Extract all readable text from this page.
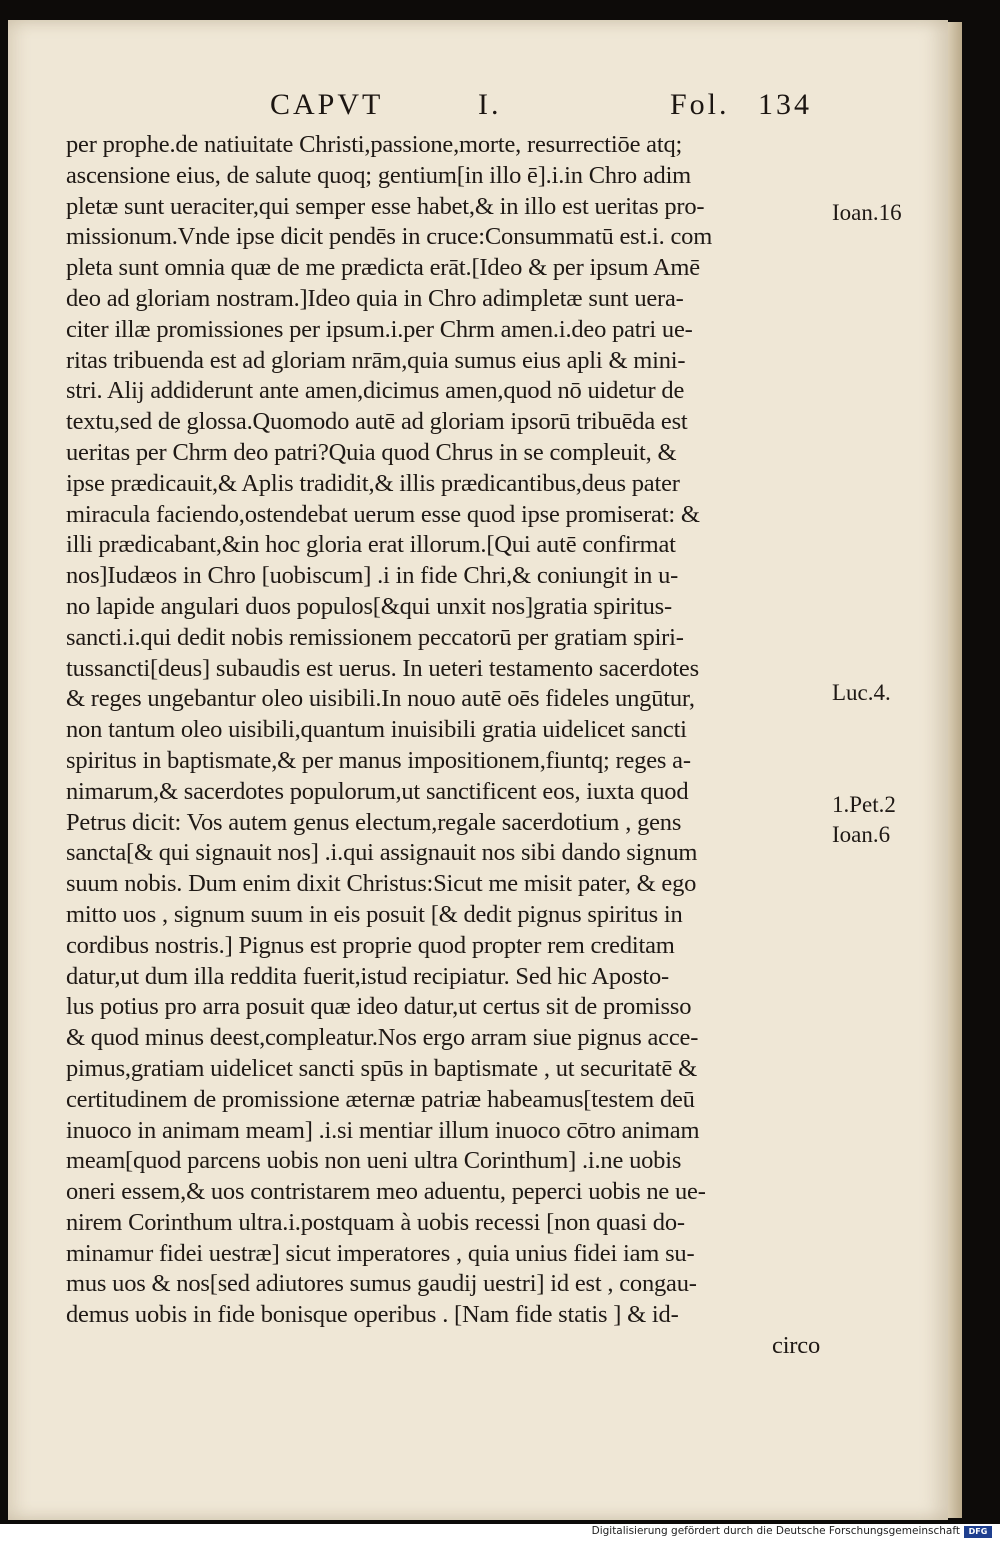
CAPVT	I.	Fol. 134
per prophe.de natiuitate Christi,passione,morte, resurrectiōe atq;
ascensione eius, de salute quoq; gentium[in illo ē].i.in Chro adim
pletæ sunt ueraciter,qui semper esse habet,& in illo est ueritas pro-
missionum.Vnde ipse dicit pendēs in cruce:Consummatū est.i. com
pleta sunt omnia quæ de me prædicta erāt.[Ideo & per ipsum Amē
deo ad gloriam nostram.]Ideo quia in Chro adimpletæ sunt uera-
citer illæ promissiones per ipsum.i.per Chrm amen.i.deo patri ue-
ritas tribuenda est ad gloriam nrām,quia sumus eius apli & mini-
stri. Alij addiderunt ante amen,dicimus amen,quod nō uidetur de
textu,sed de glossa.Quomodo autē ad gloriam ipsorū tribuēda est
ueritas per Chrm deo patri?Quia quod Chrus in se compleuit, &
ipse prædicauit,& Aplis tradidit,& illis prædicantibus,deus pater
miracula faciendo,ostendebat uerum esse quod ipse promiserat: &
illi prædicabant,&in hoc gloria erat illorum.[Qui autē confirmat
nos]Iudæos in Chro [uobiscum] .i in fide Chri,& coniungit in u-
no lapide angulari duos populos[&qui unxit nos]gratia spiritus-
sancti.i.qui dedit nobis remissionem peccatorū per gratiam spiri-
tussancti[deus] subaudis est uerus. In ueteri testamento sacerdotes
& reges ungebantur oleo uisibili.In nouo autē oēs fideles ungūtur,
non tantum oleo uisibili,quantum inuisibili gratia uidelicet sancti
spiritus in baptismate,& per manus impositionem,fiuntq; reges a-
nimarum,& sacerdotes populorum,ut sanctificent eos, iuxta quod
Petrus dicit: Vos autem genus electum,regale sacerdotium , gens
sancta[& qui signauit nos] .i.qui assignauit nos sibi dando signum
suum nobis. Dum enim dixit Christus:Sicut me misit pater, & ego
mitto uos , signum suum in eis posuit [& dedit pignus spiritus in
cordibus nostris.] Pignus est proprie quod propter rem creditam
datur,ut dum illa reddita fuerit,istud recipiatur. Sed hic Aposto-
lus potius pro arra posuit quæ ideo datur,ut certus sit de promisso
& quod minus deest,compleatur.Nos ergo arram siue pignus acce-
pimus,gratiam uidelicet sancti spūs in baptismate , ut securitatē &
certitudinem de promissione æternæ patriæ habeamus[testem deū
inuoco in animam meam] .i.si mentiar illum inuoco cōtro animam
meam[quod parcens uobis non ueni ultra Corinthum] .i.ne uobis
oneri essem,& uos contristarem meo aduentu, peperci uobis ne ue-
nirem Corinthum ultra.i.postquam à uobis recessi [non quasi do-
minamur fidei uestræ] sicut imperatores , quia unius fidei iam su-
mus uos & nos[sed adiutores sumus gaudij uestri] id est , congau-
demus uobis in fide bonisque operibus . [Nam fide statis ] & id-
circo
Ioan.16
Luc.4.
1.Pet.2
Ioan.6
Digitalisierung gefördert durch die Deutsche Forschungsgemeinschaft	DFG
